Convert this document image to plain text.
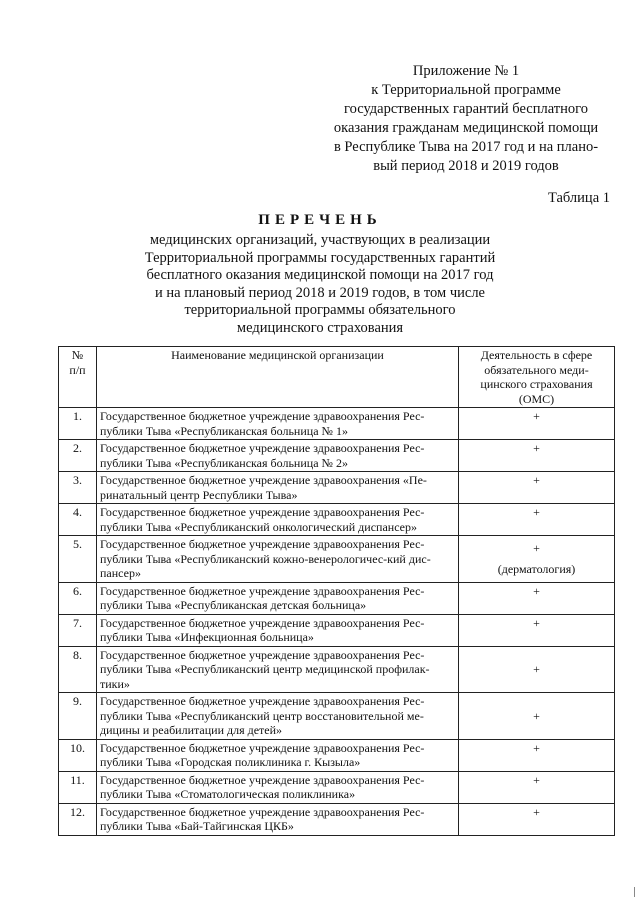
Приложение № 1
к Территориальной программе
государственных гарантий бесплатного
оказания гражданам медицинской помощи
в Республике Тыва на 2017 год и на плано-
вый период 2018 и 2019 годов
Таблица 1
ПЕРЕЧЕНЬ
медицинских организаций, участвующих в реализации
Территориальной программы государственных гарантий
бесплатного оказания медицинской помощи на 2017 год
и на плановый период 2018 и 2019 годов, в том числе
территориальной программы обязательного
медицинского страхования
№
п/п	Наименование медицинской организации	Деятельность в сфере
обязательного меди-
цинского страхования
(ОМС)

1.	Государственное бюджетное учреждение здравоохранения Рес-
публики Тыва «Республиканская больница № 1»	+

2.	Государственное бюджетное учреждение здравоохранения Рес-
публики Тыва «Республиканская больница № 2»	+

3.	Государственное бюджетное учреждение здравоохранения «Пе-
ринатальный центр Республики Тыва»	+

4.	Государственное бюджетное учреждение здравоохранения Рес-
публики Тыва «Республиканский онкологический диспансер»	+

5.	Государственное бюджетное учреждение здравоохранения Рес-
публики Тыва «Республиканский кожно-венерологичес-кий дис-
пансер»	+
(дерматология)

6.	Государственное бюджетное учреждение здравоохранения Рес-
публики Тыва «Республиканская детская больница»	+

7.	Государственное бюджетное учреждение здравоохранения Рес-
публики Тыва «Инфекционная больница»	+

8.	Государственное бюджетное учреждение здравоохранения Рес-
публики Тыва «Республиканский центр медицинской профилак-
тики»	+

9.	Государственное бюджетное учреждение здравоохранения Рес-
публики Тыва «Республиканский центр восстановительной ме-
дицины и реабилитации для детей»	+

10.	Государственное бюджетное учреждение здравоохранения Рес-
публики Тыва «Городская поликлиника г. Кызыла»	+

11.	Государственное бюджетное учреждение здравоохранения Рес-
публики Тыва «Стоматологическая поликлиника»	+

12.	Государственное бюджетное учреждение здравоохранения Рес-
публики Тыва «Бай-Тайгинская ЦКБ»	+
